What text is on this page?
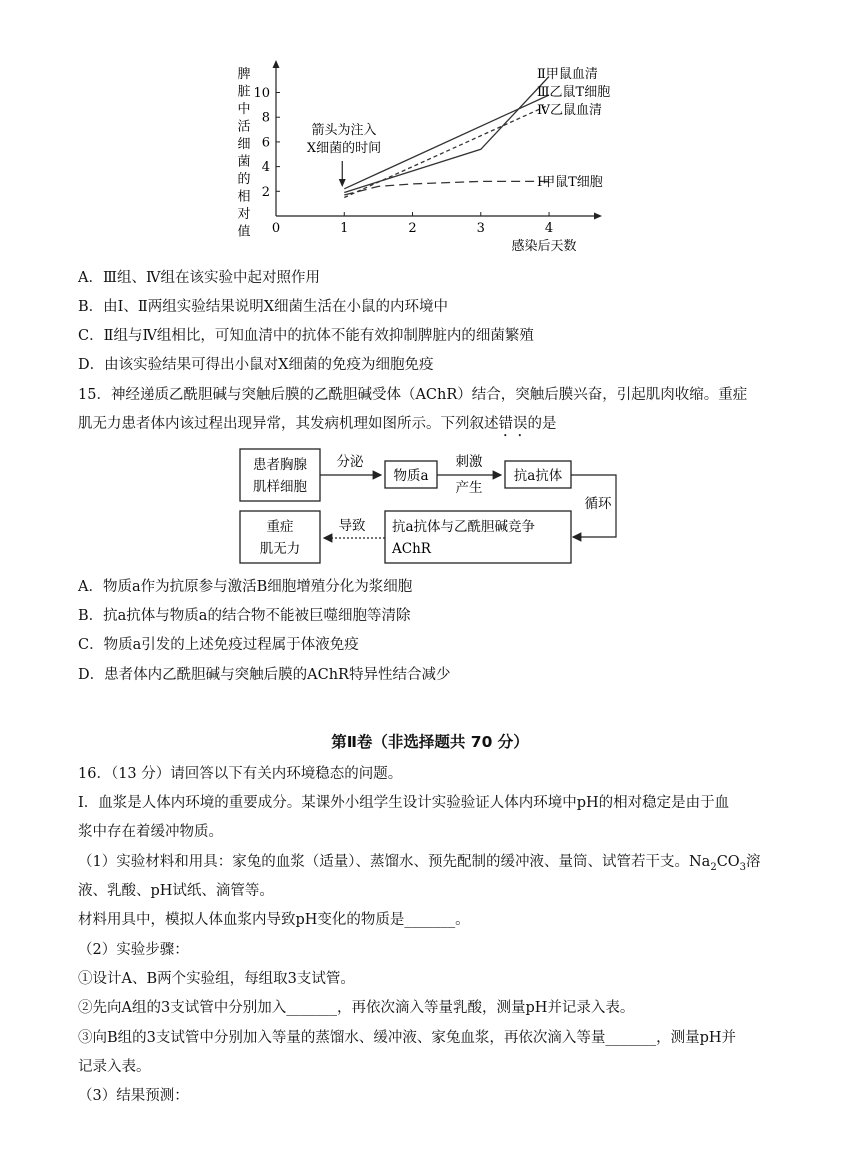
0	1	2	3	4
2
4
6
8
10
脾
脏
中
活
细
菌
的
相
对
值
感染后天数
箭头为注入
X细菌的时间
Ⅱ甲鼠血清
Ⅲ乙鼠T细胞
Ⅳ乙鼠血清
Ⅰ甲鼠T细胞
A．Ⅲ组、Ⅳ组在该实验中起对照作用
B．由Ⅰ、Ⅱ两组实验结果说明X细菌生活在小鼠的内环境中
C．Ⅱ组与Ⅳ组相比，可知血清中的抗体不能有效抑制脾脏内的细菌繁殖
D．由该实验结果可得出小鼠对X细菌的免疫为细胞免疫
15．神经递质乙酰胆碱与突触后膜的乙酰胆碱受体（AChR）结合，突触后膜兴奋，引起肌肉收缩。重症
肌无力患者体内该过程出现异常，其发病机理如图所示。下列叙述错误的是
患者胸腺
肌样细胞
分泌
物质a
刺激
产生
抗a抗体
循环
抗a抗体与乙酰胆碱竞争
AChR
导致
重症
肌无力
A．物质a作为抗原参与激活B细胞增殖分化为浆细胞
B．抗a抗体与物质a的结合物不能被巨噬细胞等清除
C．物质a引发的上述免疫过程属于体液免疫
D．患者体内乙酰胆碱与突触后膜的AChR特异性结合减少
第Ⅱ卷（非选择题共 70 分）
16．（13 分）请回答以下有关内环境稳态的问题。
Ⅰ．血浆是人体内环境的重要成分。某课外小组学生设计实验验证人体内环境中pH的相对稳定是由于血
浆中存在着缓冲物质。
（1）实验材料和用具：家兔的血浆（适量）、蒸馏水、预先配制的缓冲液、量筒、试管若干支。$Na_2CO_3$溶
液、乳酸、pH试纸、滴管等。
材料用具中，模拟人体血浆内导致pH变化的物质是_______。
（2）实验步骤：
①设计A、B两个实验组，每组取3支试管。
②先向A组的3支试管中分别加入_______，再依次滴入等量乳酸，测量pH并记录入表。
③向B组的3支试管中分别加入等量的蒸馏水、缓冲液、家兔血浆，再依次滴入等量_______，测量pH并
记录入表。
（3）结果预测：
